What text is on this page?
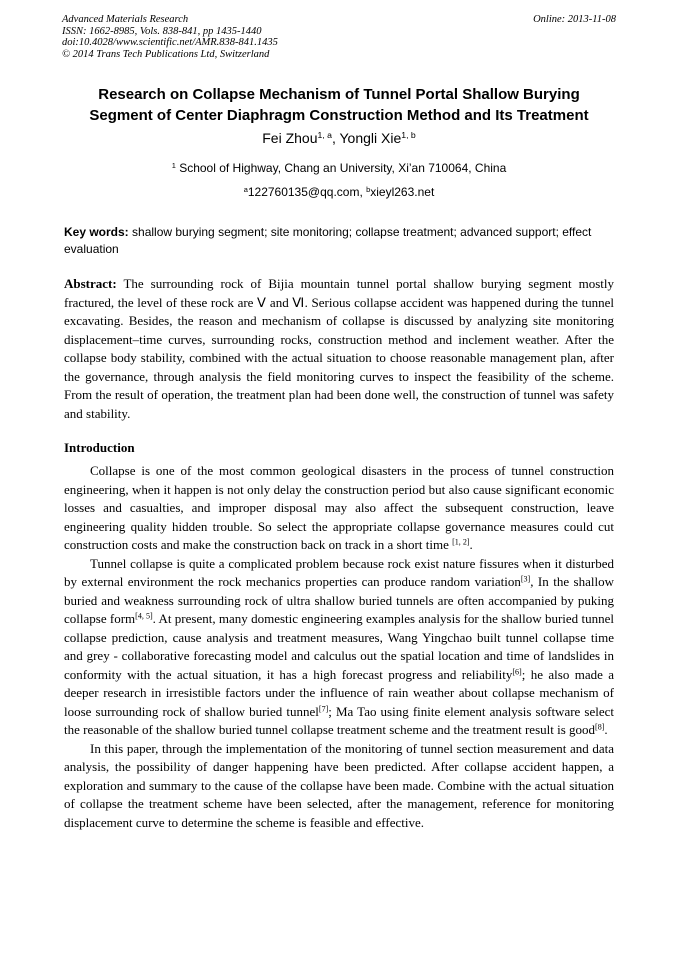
Advanced Materials Research
ISSN: 1662-8985, Vols. 838-841, pp 1435-1440
doi:10.4028/www.scientific.net/AMR.838-841.1435
© 2014 Trans Tech Publications Ltd, Switzerland
Online: 2013-11-08
Research on Collapse Mechanism of Tunnel Portal Shallow Burying
Segment of Center Diaphragm Construction Method and Its Treatment
Fei Zhou$^{1, a}$, Yongli Xie$^{1, b}$
$^1$ School of Highway, Chang an University, Xi’an 710064, China
$^a$122760135@qq.com, $^b$xieyl263.net
Key words: shallow burying segment; site monitoring; collapse treatment; advanced support; effect evaluation
Abstract: The surrounding rock of Bijia mountain tunnel portal shallow burying segment mostly fractured, the level of these rock are Ⅴ and Ⅵ. Serious collapse accident was happened during the tunnel excavating. Besides, the reason and mechanism of collapse is discussed by analyzing site monitoring displacement–time curves, surrounding rocks, construction method and inclement weather. After the collapse body stability, combined with the actual situation to choose reasonable management plan, after the governance, through analysis the field monitoring curves to inspect the feasibility of the scheme. From the result of operation, the treatment plan had been done well, the construction of tunnel was safety and stability.
Introduction

Collapse is one of the most common geological disasters in the process of tunnel construction engineering, when it happen is not only delay the construction period but also cause significant economic losses and casualties, and improper disposal may also affect the subsequent construction, leave engineering quality hidden trouble. So select the appropriate collapse governance measures could cut construction costs and make the construction back on track in a short time [1, 2].

Tunnel collapse is quite a complicated problem because rock exist nature fissures when it disturbed by external environment the rock mechanics properties can produce random variation[3], In the shallow buried and weakness surrounding rock of ultra shallow buried tunnels are often accompanied by puking collapse form[4, 5]. At present, many domestic engineering examples analysis for the shallow buried tunnel collapse prediction, cause analysis and treatment measures, Wang Yingchao built tunnel collapse time and grey - collaborative forecasting model and calculus out the spatial location and time of landslides in conformity with the actual situation, it has a high forecast progress and reliability[6]; he also made a deeper research in irresistible factors under the influence of rain weather about collapse mechanism of loose surrounding rock of shallow buried tunnel[7]; Ma Tao using finite element analysis software select the reasonable of the shallow buried tunnel collapse treatment scheme and the treatment result is good[8].

In this paper, through the implementation of the monitoring of tunnel section measurement and data analysis, the possibility of danger happening have been predicted. After collapse accident happen, a exploration and summary to the cause of the collapse have been made. Combine with the actual situation of collapse the treatment scheme have been selected, after the management, reference for monitoring displacement curve to determine the scheme is feasible and effective.
